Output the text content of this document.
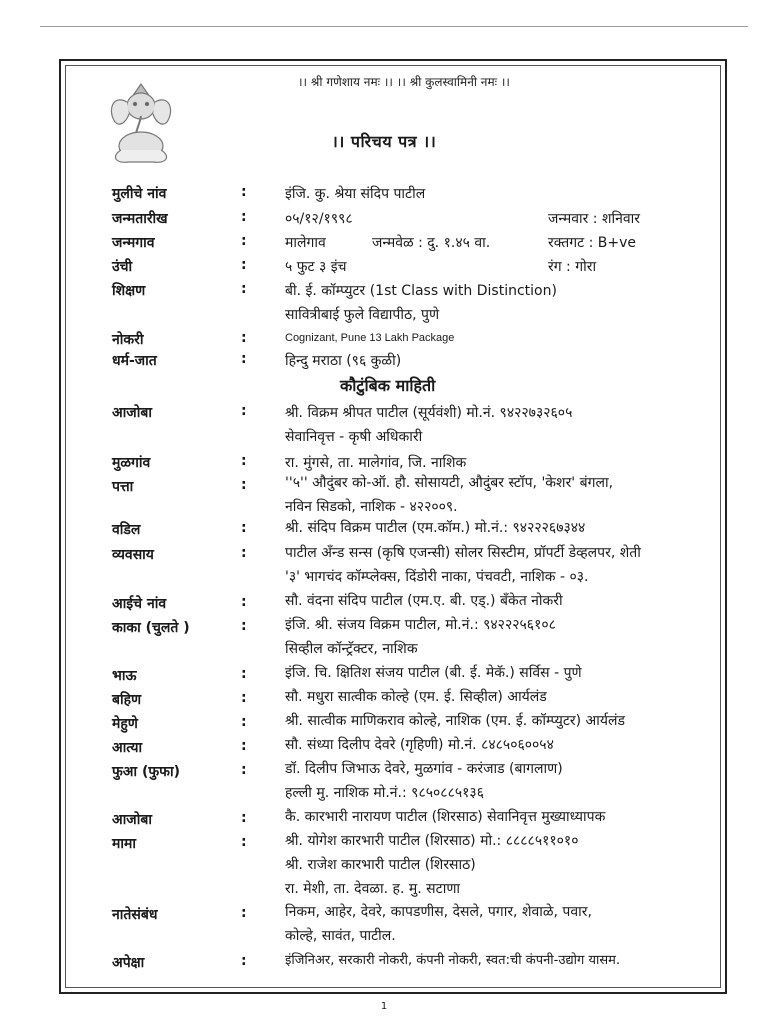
।। श्री गणेशाय नमः ।। ।। श्री कुलस्वामिनी नमः ।।
।। परिचय पत्र ।।
मुलीचे नांव	:	इंजि. कु. श्रेया संदिप पाटील
जन्मतारीख	:	०५/१२/१९९८	जन्मवार : शनिवार
जन्मगाव	:	मालेगाव	जन्मवेळ : दु. १.४५ वा.	रक्तगट : B+ve
उंची	:	५ फुट ३ इंच	रंग : गोरा
शिक्षण	:	बी. ई. कॉम्प्युटर (1st Class with Distinction)
सावित्रीबाई फुले विद्यापीठ, पुणे
नोकरी	:	Cognizant, Pune 13 Lakh Package
धर्म-जात	:	हिन्दु मराठा (९६ कुळी)
कौटुंबिक माहिती
आजोबा	:	श्री. विक्रम श्रीपत पाटील (सूर्यवंशी) मो.नं. ९४२२७३२६०५
सेवानिवृत्त - कृषी अधिकारी
मुळगांव	:	रा. मुंगसे, ता. मालेगांव, जि. नाशिक
पत्ता	:	''५'' औदुंबर को-ऑ. हौ. सोसायटी, औदुंबर स्टॉप, 'केशर' बंगला,
नविन सिडको, नाशिक - ४२२००९.
वडिल	:	श्री. संदिप विक्रम पाटील (एम.कॉम.) मो.नं.: ९४२२२६७३४४
व्यवसाय	:	पाटील अँन्ड सन्स (कृषि एजन्सी) सोलर सिस्टीम, प्रॉपर्टी डेव्हलपर, शेती
'३' भागचंद कॉम्प्लेक्स, दिंडोरी नाका, पंचवटी, नाशिक - ०३.
आईचे नांव	:	सौ. वंदना संदिप पाटील (एम.ए. बी. एड्.) बँकेत नोकरी
काका (चुलते )	:	इंजि. श्री. संजय विक्रम पाटील, मो.नं.: ९४२२२५६१०८
सिव्हील कॉन्ट्रॅक्टर, नाशिक
भाऊ	:	इंजि. चि. क्षितिश संजय पाटील (बी. ई. मेकॅ.) सर्विस - पुणे
बहिण	:	सौ. मधुरा सात्वीक कोल्हे (एम. ई. सिव्हील) आर्यलंड
मेहुणे	:	श्री. सात्वीक माणिकराव कोल्हे, नाशिक (एम. ई. कॉम्प्युटर) आर्यलंड
आत्या	:	सौ. संध्या दिलीप देवरे (गृहिणी) मो.नं. ८४८५०६००५४
फुआ (फुफा)	:	डॉ. दिलीप जिभाऊ देवरे, मुळगांव - करंजाड (बागलाण)
हल्ली मु. नाशिक मो.नं.: ९८५०८८५१३६
आजोबा	:	कै. कारभारी नारायण पाटील (शिरसाठ) सेवानिवृत्त मुख्याध्यापक
मामा	:	श्री. योगेश कारभारी पाटील (शिरसाठ) मो.: ८८८८५११०१०
श्री. राजेश कारभारी पाटील (शिरसाठ)
रा. मेशी, ता. देवळा. ह. मु. सटाणा
नातेसंबंध	:	निकम, आहेर, देवरे, कापडणीस, देसले, पगार, शेवाळे, पवार,
कोल्हे, सावंत, पाटील.
अपेक्षा	:	इंजिनिअर, सरकारी नोकरी, कंपनी नोकरी, स्वत:ची कंपनी-उद्योग यासम.
1
